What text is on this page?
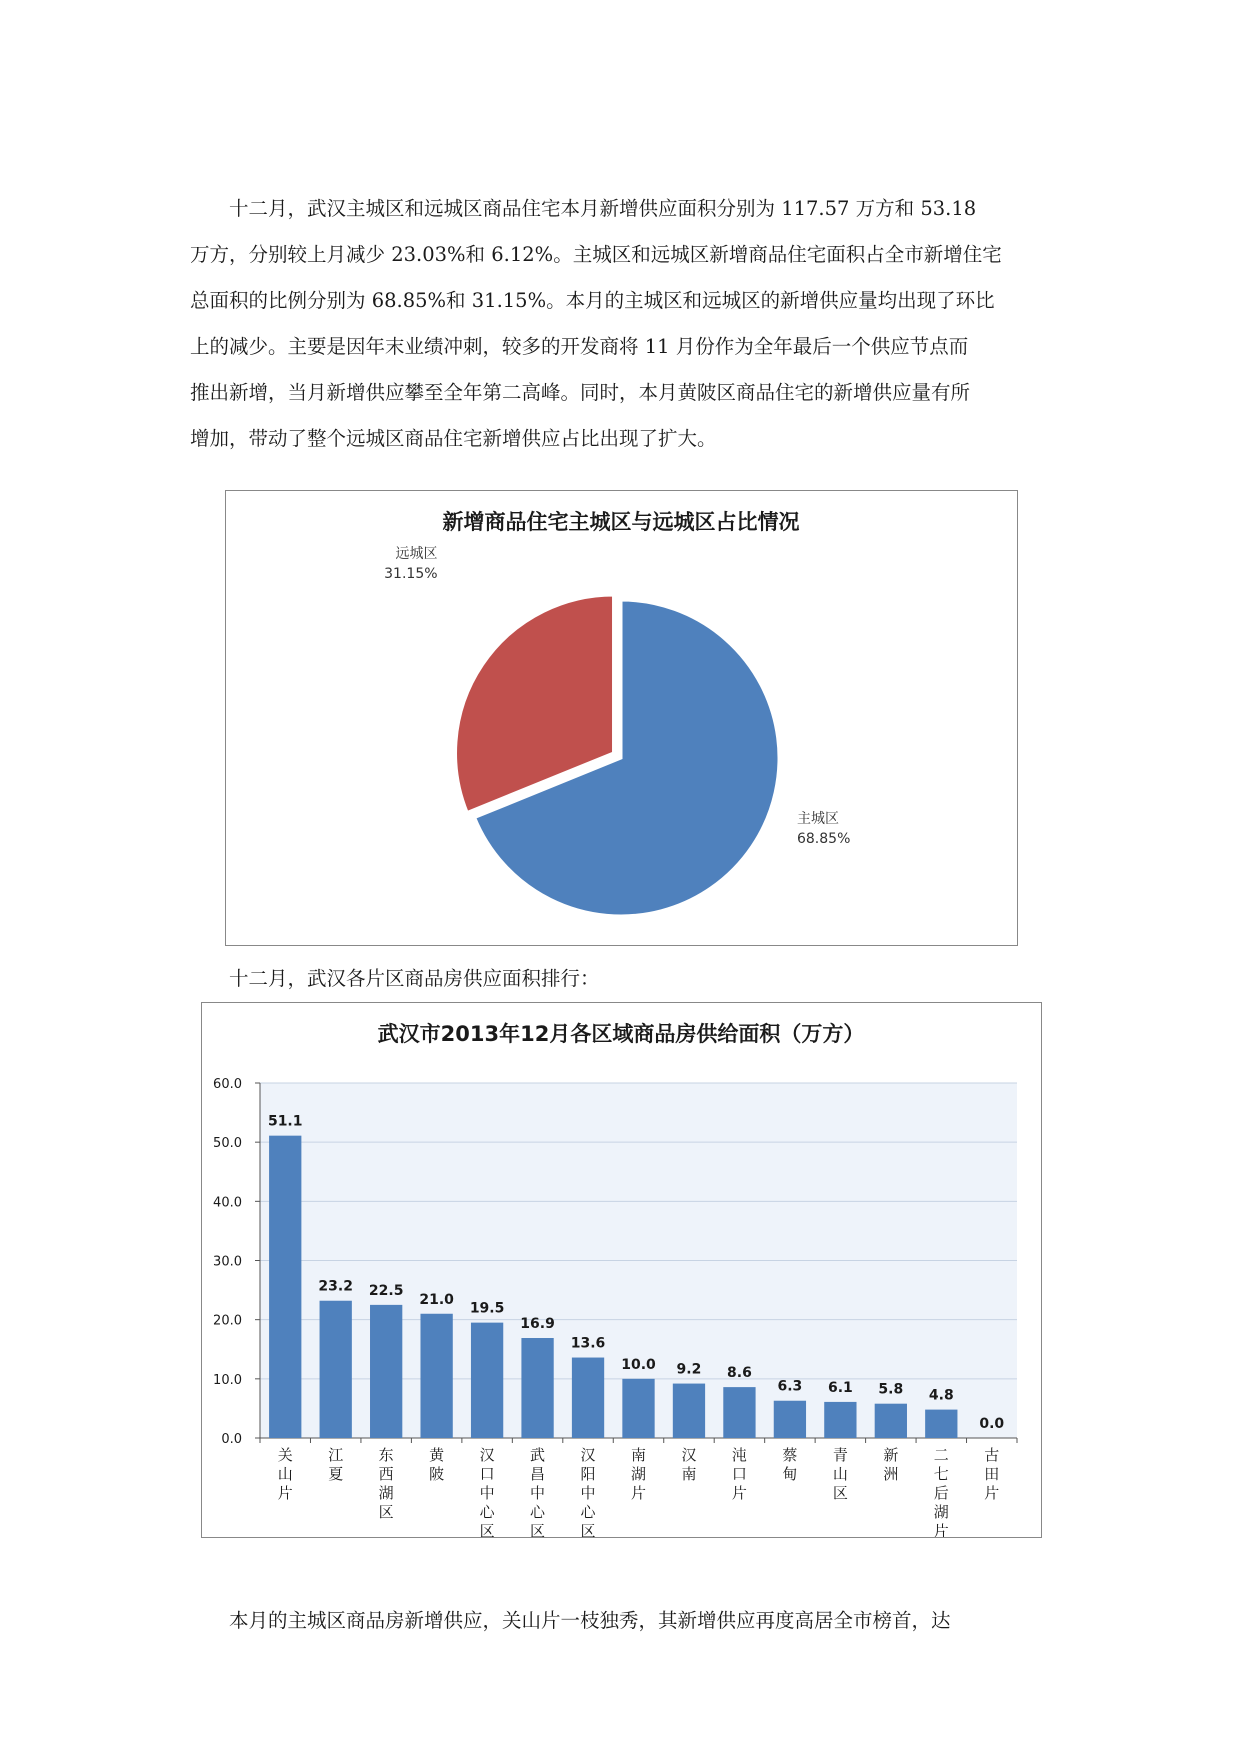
十二月，武汉主城区和远城区商品住宅本月新增供应面积分别为 117.57 万方和 53.18
万方，分别较上月减少 23.03%和 6.12%。主城区和远城区新增商品住宅面积占全市新增住宅
总面积的比例分别为 68.85%和 31.15%。本月的主城区和远城区的新增供应量均出现了环比
上的减少。主要是因年末业绩冲刺，较多的开发商将 11 月份作为全年最后一个供应节点而
推出新增，当月新增供应攀至全年第二高峰。同时，本月黄陂区商品住宅的新增供应量有所
增加，带动了整个远城区商品住宅新增供应占比出现了扩大。
新增商品住宅主城区与远城区占比情况
主城区
68.85%
远城区
31.15%

十二月，武汉各片区商品房供应面积排行：

武汉市2013年12月各区域商品房供给面积（万方）
0.0
10.0
20.0
30.0
40.0
50.0
60.0
51.1
关山片
23.2
江夏
22.5
东西湖区
21.0
黄陂
19.5
汉口中心区
16.9
武昌中心区
13.6
汉阳中心区
10.0
南湖片
9.2
汉南
8.6
沌口片
6.3
蔡甸
6.1
青山区
5.8
新洲
4.8
二七后湖片
0.0
古田片

本月的主城区商品房新增供应，关山片一枝独秀，其新增供应再度高居全市榜首，达
